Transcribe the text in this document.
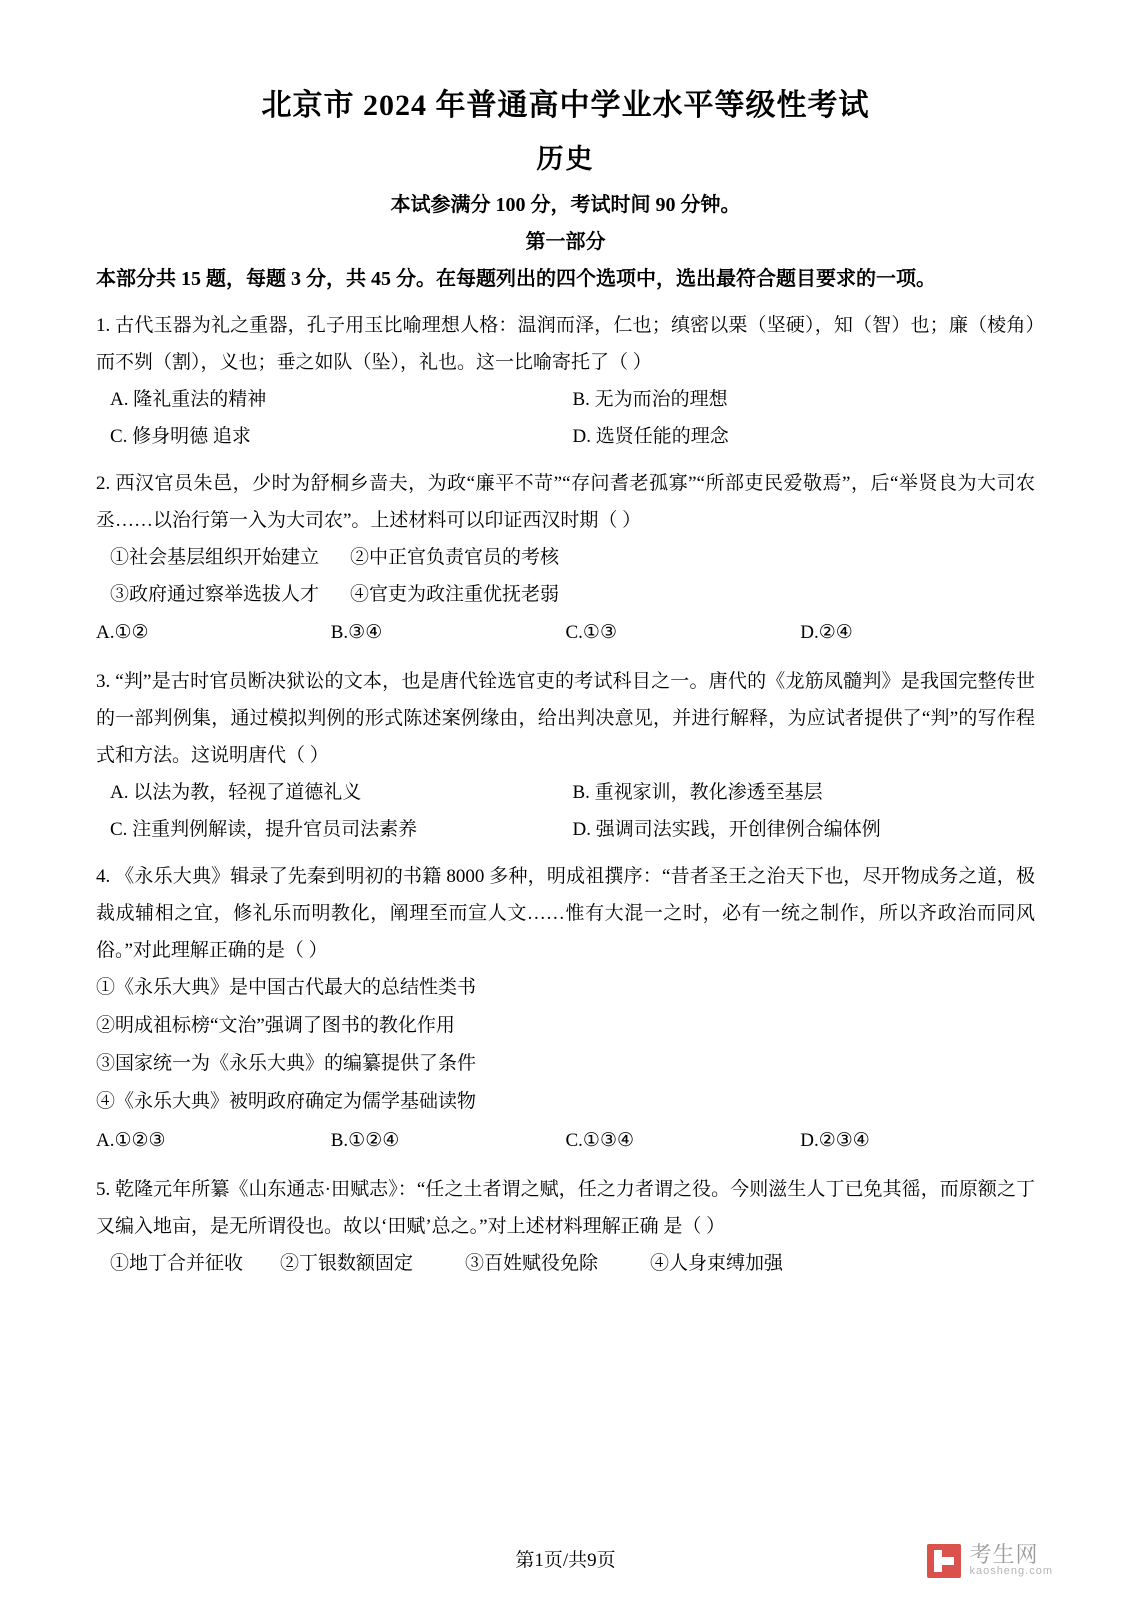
北京市 2024 年普通高中学业水平等级性考试
历史
本试参满分 100 分，考试时间 90 分钟。
第一部分
本部分共 15 题，每题 3 分，共 45 分。在每题列出的四个选项中，选出最符合题目要求的一项。
1. 古代玉器为礼之重器，孔子用玉比喻理想人格：温润而泽，仁也；缜密以栗（坚硬），知（智）也；廉（棱角）而不刿（割），义也；垂之如队（坠），礼也。这一比喻寄托了（ ）
A. 隆礼重法的精神	B. 无为而治的理想
C. 修身明德 追求	D. 选贤任能的理念
2. 西汉官员朱邑，少时为舒桐乡啬夫，为政“廉平不苛”“存问耆老孤寡”“所部吏民爱敬焉”，后“举贤良为大司农丞……以治行第一入为大司农”。上述材料可以印证西汉时期（ ）
①社会基层组织开始建立	②中正官负责官员的考核
③政府通过察举选拔人才	④官吏为政注重优抚老弱
A.①②	B.③④	C.①③	D.②④
3. “判”是古时官员断决狱讼的文本，也是唐代铨选官吏的考试科目之一。唐代的《龙筋凤髓判》是我国完整传世的一部判例集，通过模拟判例的形式陈述案例缘由，给出判决意见，并进行解释，为应试者提供了“判”的写作程式和方法。这说明唐代（ ）
A. 以法为教，轻视了道德礼义	B. 重视家训，教化渗透至基层
C. 注重判例解读，提升官员司法素养	D. 强调司法实践，开创律例合编体例
4. 《永乐大典》辑录了先秦到明初的书籍 8000 多种，明成祖撰序：“昔者圣王之治天下也，尽开物成务之道，极裁成辅相之宜，修礼乐而明教化，阐理至而宣人文……惟有大混一之时，必有一统之制作，所以齐政治而同风俗。”对此理解正确的是（ ）
①《永乐大典》是中国古代最大的总结性类书
②明成祖标榜“文治”强调了图书的教化作用
③国家统一为《永乐大典》的编纂提供了条件
④《永乐大典》被明政府确定为儒学基础读物
A.①②③	B.①②④	C.①③④	D.②③④
5. 乾隆元年所纂《山东通志·田赋志》：“任之土者谓之赋，任之力者谓之役。今则滋生人丁已免其徭，而原额之丁又编入地亩，是无所谓役也。故以‘田赋’总之。”对上述材料理解正确 是（ ）
①地丁合并征收	②丁银数额固定	③百姓赋役免除	④人身束缚加强
第1页/共9页	考生网
kaosheng.com
